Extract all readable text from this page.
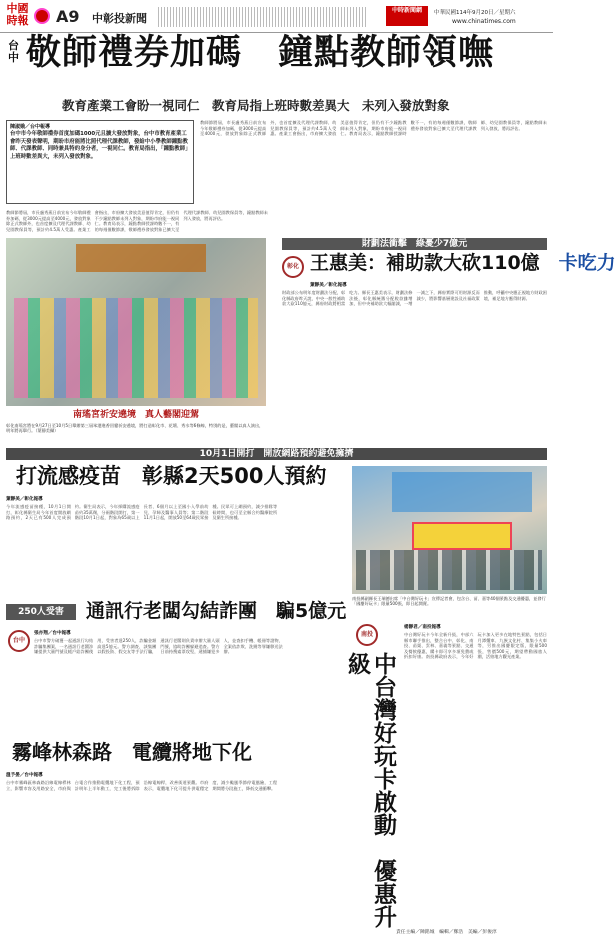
中國
時報 A9 中彰投新聞
中時新聞網	中華民國114年9月20日／星期六
www.chinatimes.com
台中 敬師禮券加碼　鐘點教師領嘸
教育產業工會盼一視同仁　教育局指上班時數差異大　未列入發放對象
陳淑娥／台中報導
台中市今年敬師禮券首度加碼1000元且擴大發放對象，台中市教育產業工會昨天發表聲明，期盼市府能將比照代理代課教師，發給中小學教師鐘點教師、代課教師、同時兼具特約身分者，一視同仁。教育局指出，「鐘點教師」上班時數差異大，未列入發放對象。
教師節將屆，市長盧秀燕日前宣布今年敬師禮券加碼，從3000元提高至4000元，發放對象除正式教師外，也首度擴及代理代課教師、幼兒園教保員等，預計約4.5萬人受惠。產業工會指出，市府擴大發放美意值得肯定，但仍有不少鐘點教師未列入對象，期盼市府能一視同仁。教育局表示，鐘點教師授課時數不一，有的每週僅數節課，敬師禮券發放對象已擴大至代理代課教師、幼兒園教保員等，鐘點教師未列入發放，將再評估。
教師節將屆，市長盧秀燕日前宣布今年敬師禮券加碼，從3000元提高至4000元，發放對象除正式教師外，也首度擴及代理代課教師、幼兒園教保員等，預計約4.5萬人受惠。產業工會指出，市府擴大發放美意值得肯定，但仍有不少鐘點教師未列入對象，期盼市府能一視同仁。教育局表示，鐘點教師授課時數不一，有的每週僅數節課，敬師禮券發放對象已擴大至代理代課教師、幼兒園教保員等，鐘點教師未列入發放，將再評估。
南瑤宮祈安遶境　真人藝閣迎駕
彰化南瑤宮將在9月27日至10月5日舉辦第三屆笨港進香回鑾祈安遶境，將打造彰化市、花壇、秀水等6條線，特別的是，藝閣以真人演出，明年將再舉行。（葉靜美攝）
財劃法衝擊　綠憂少7億元
彰化 王惠美：補助款大砍110億　卡吃力
葉靜美／彰化報導
財政部公布明年度財劃法分配，彰化縣政府昨天說，中央一般性補助款大砍110億元，縣府財政將相當吃力。縣長王惠美表示，財劃法修法後，彰化縣統籌分配稅款雖增加，但中央補助款大幅縮減，一增一減之下，縣府實際可用財源反而減少，將影響基層建設及社福政策推動，呼籲中央應正視地方財政困境，補足地方應得財源。
10月1日開打　開放網路預約避免擁擠
打流感疫苗　彰縣2天500人預約
葉靜美／彰化報導
今年流感疫苗接種，10月1日開打，彰化縣衛生局今年首度開放網路預約，2天已有500人完成預約。衛生局表示，今年採購流感疫苗約35萬劑，分兩階段開打，第一階段10月1日起，對象為65歲以上長者、6個月以上至國小入學前幼兒、孕婦及醫事人員等；第二階段11月1日起，開放50至64歲民眾接種。民眾可上網預約，減少排隊等候時間，也可至全縣合約醫療院所及衛生所接種。
南投縣副縣長王瑞德出席「中台灣好玩卡」宣傳記者會，包含台、苗、嘉等40個景點及交通優惠，並發行「國慶好玩卡」限量500張，即日起開賣。
250人受害	通訊行老闆勾結詐團　騙5億元
台中
張亦翔／台中報導
台中市警方破獲一起通訊行勾結詐騙集團案，一名通訊行老闆涉嫌提供大量門號及帳戶給詐團使用，受害者達250人，詐騙金額高達5億元。警方調查，該集團以假投資、假交友等手法行騙，通訊行老闆則負責申辦大量人頭門號，協助詐團躲避追查。警方日前持搜索票攻堅，逮捕嫌犯多人，並查扣手機、帳冊等證物，全案依詐欺、洗錢等罪嫌移送法辦。
霧峰林森路　電纜將地下化
溫予晏／台中報導
台中市霧峰區林森路沿線電線桿林立，影響市容及用路安全，市府與台電合作推動電纜地下化工程，預計明年上半年動工，完工後將拆除沿線電線桿，改善街道景觀。市府表示，電纜地下化可提升供電穩定度，減少颱風季節停電風險，工程期間將分段施工，降低交通衝擊。
南投
中台灣好玩卡啟動　優惠升級
楊靜君／南投報導
中台灣好玩卡今年全新升級，中部六縣市聯手推出，整合台中、彰化、南投、苗栗、雲林、嘉義等景點、交通及餐飲優惠，購卡即可享多項免費或折扣好康。南投縣政府表示，今年好玩卡加入更多在地特色景點，包括日月潭纜車、九族文化村、集集小火車等，另推出國慶限定版，限量500張，售價500元，期望帶動國旅人潮，活絡地方觀光產業。
責任主編／陳銘城　編輯／鄭浩　美編／彭俊淳
